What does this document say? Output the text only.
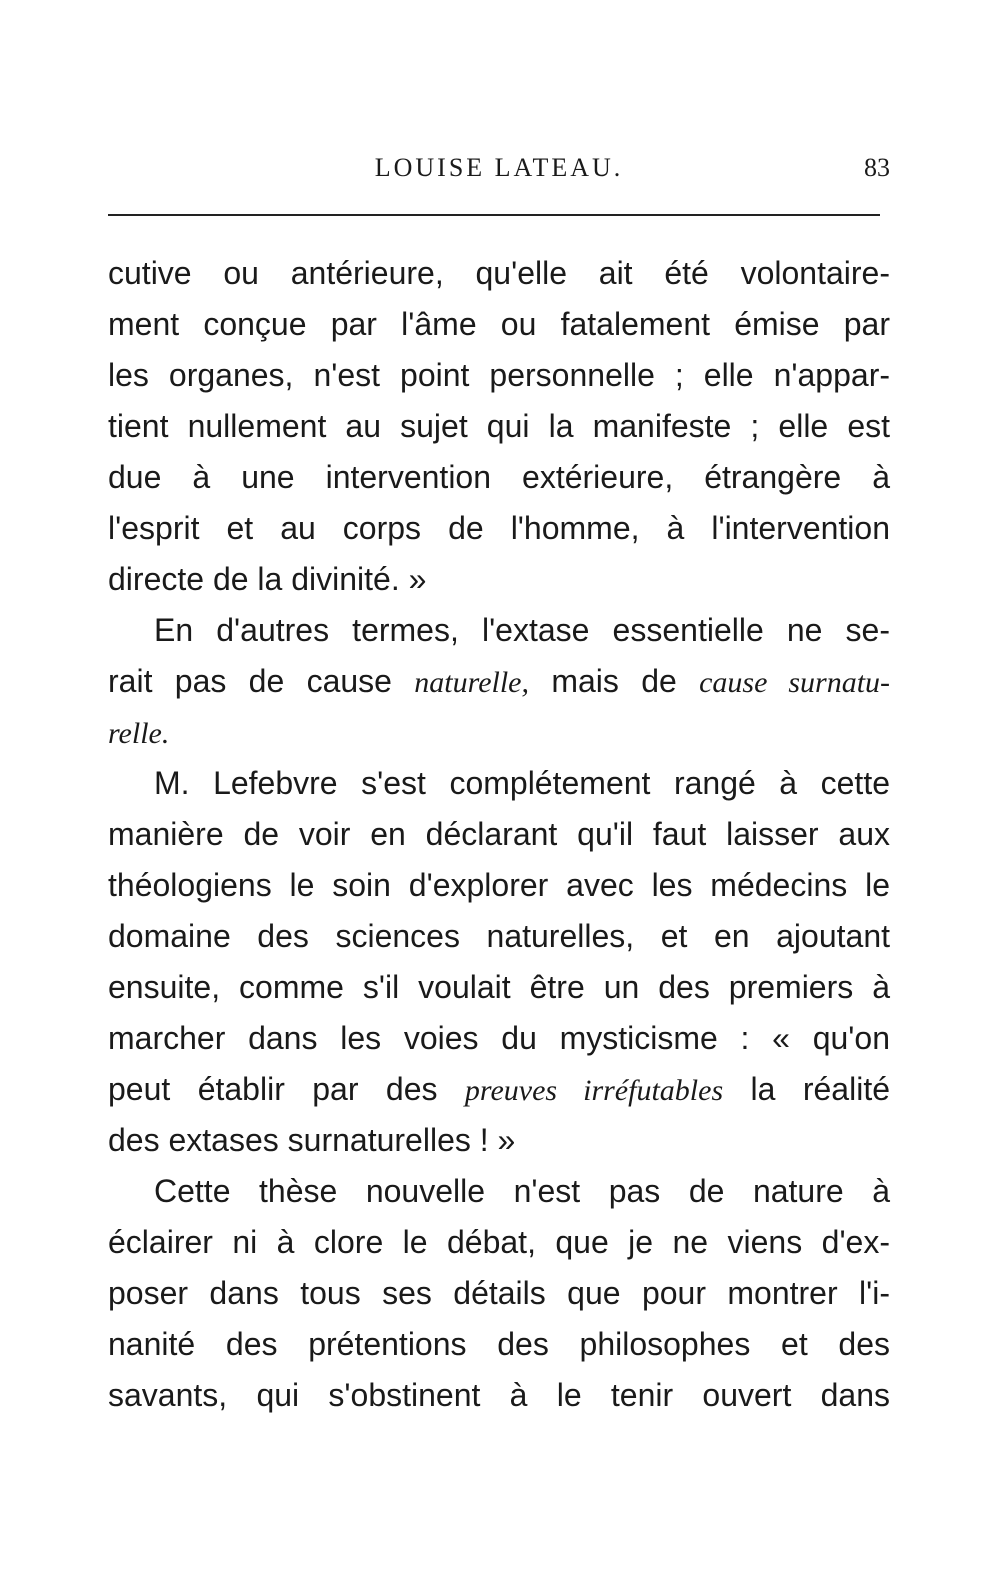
LOUISE LATEAU.	83
cutive ou antérieure, qu'elle ait été volontaire-
ment conçue par l'âme ou fatalement émise par
les organes, n'est point personnelle ; elle n'appar-
tient nullement au sujet qui la manifeste ; elle est
due à une intervention extérieure, étrangère à
l'esprit et au corps de l'homme, à l'intervention
directe de la divinité. »
En d'autres termes, l'extase essentielle ne se-
rait pas de cause naturelle, mais de cause surnatu-
relle.
M. Lefebvre s'est complétement rangé à cette
manière de voir en déclarant qu'il faut laisser aux
théologiens le soin d'explorer avec les médecins le
domaine des sciences naturelles, et en ajoutant
ensuite, comme s'il voulait être un des premiers à
marcher dans les voies du mysticisme : « qu'on
peut établir par des preuves irréfutables la réalité
des extases surnaturelles ! »
Cette thèse nouvelle n'est pas de nature à
éclairer ni à clore le débat, que je ne viens d'ex-
poser dans tous ses détails que pour montrer l'i-
nanité des prétentions des philosophes et des
savants, qui s'obstinent à le tenir ouvert dans
